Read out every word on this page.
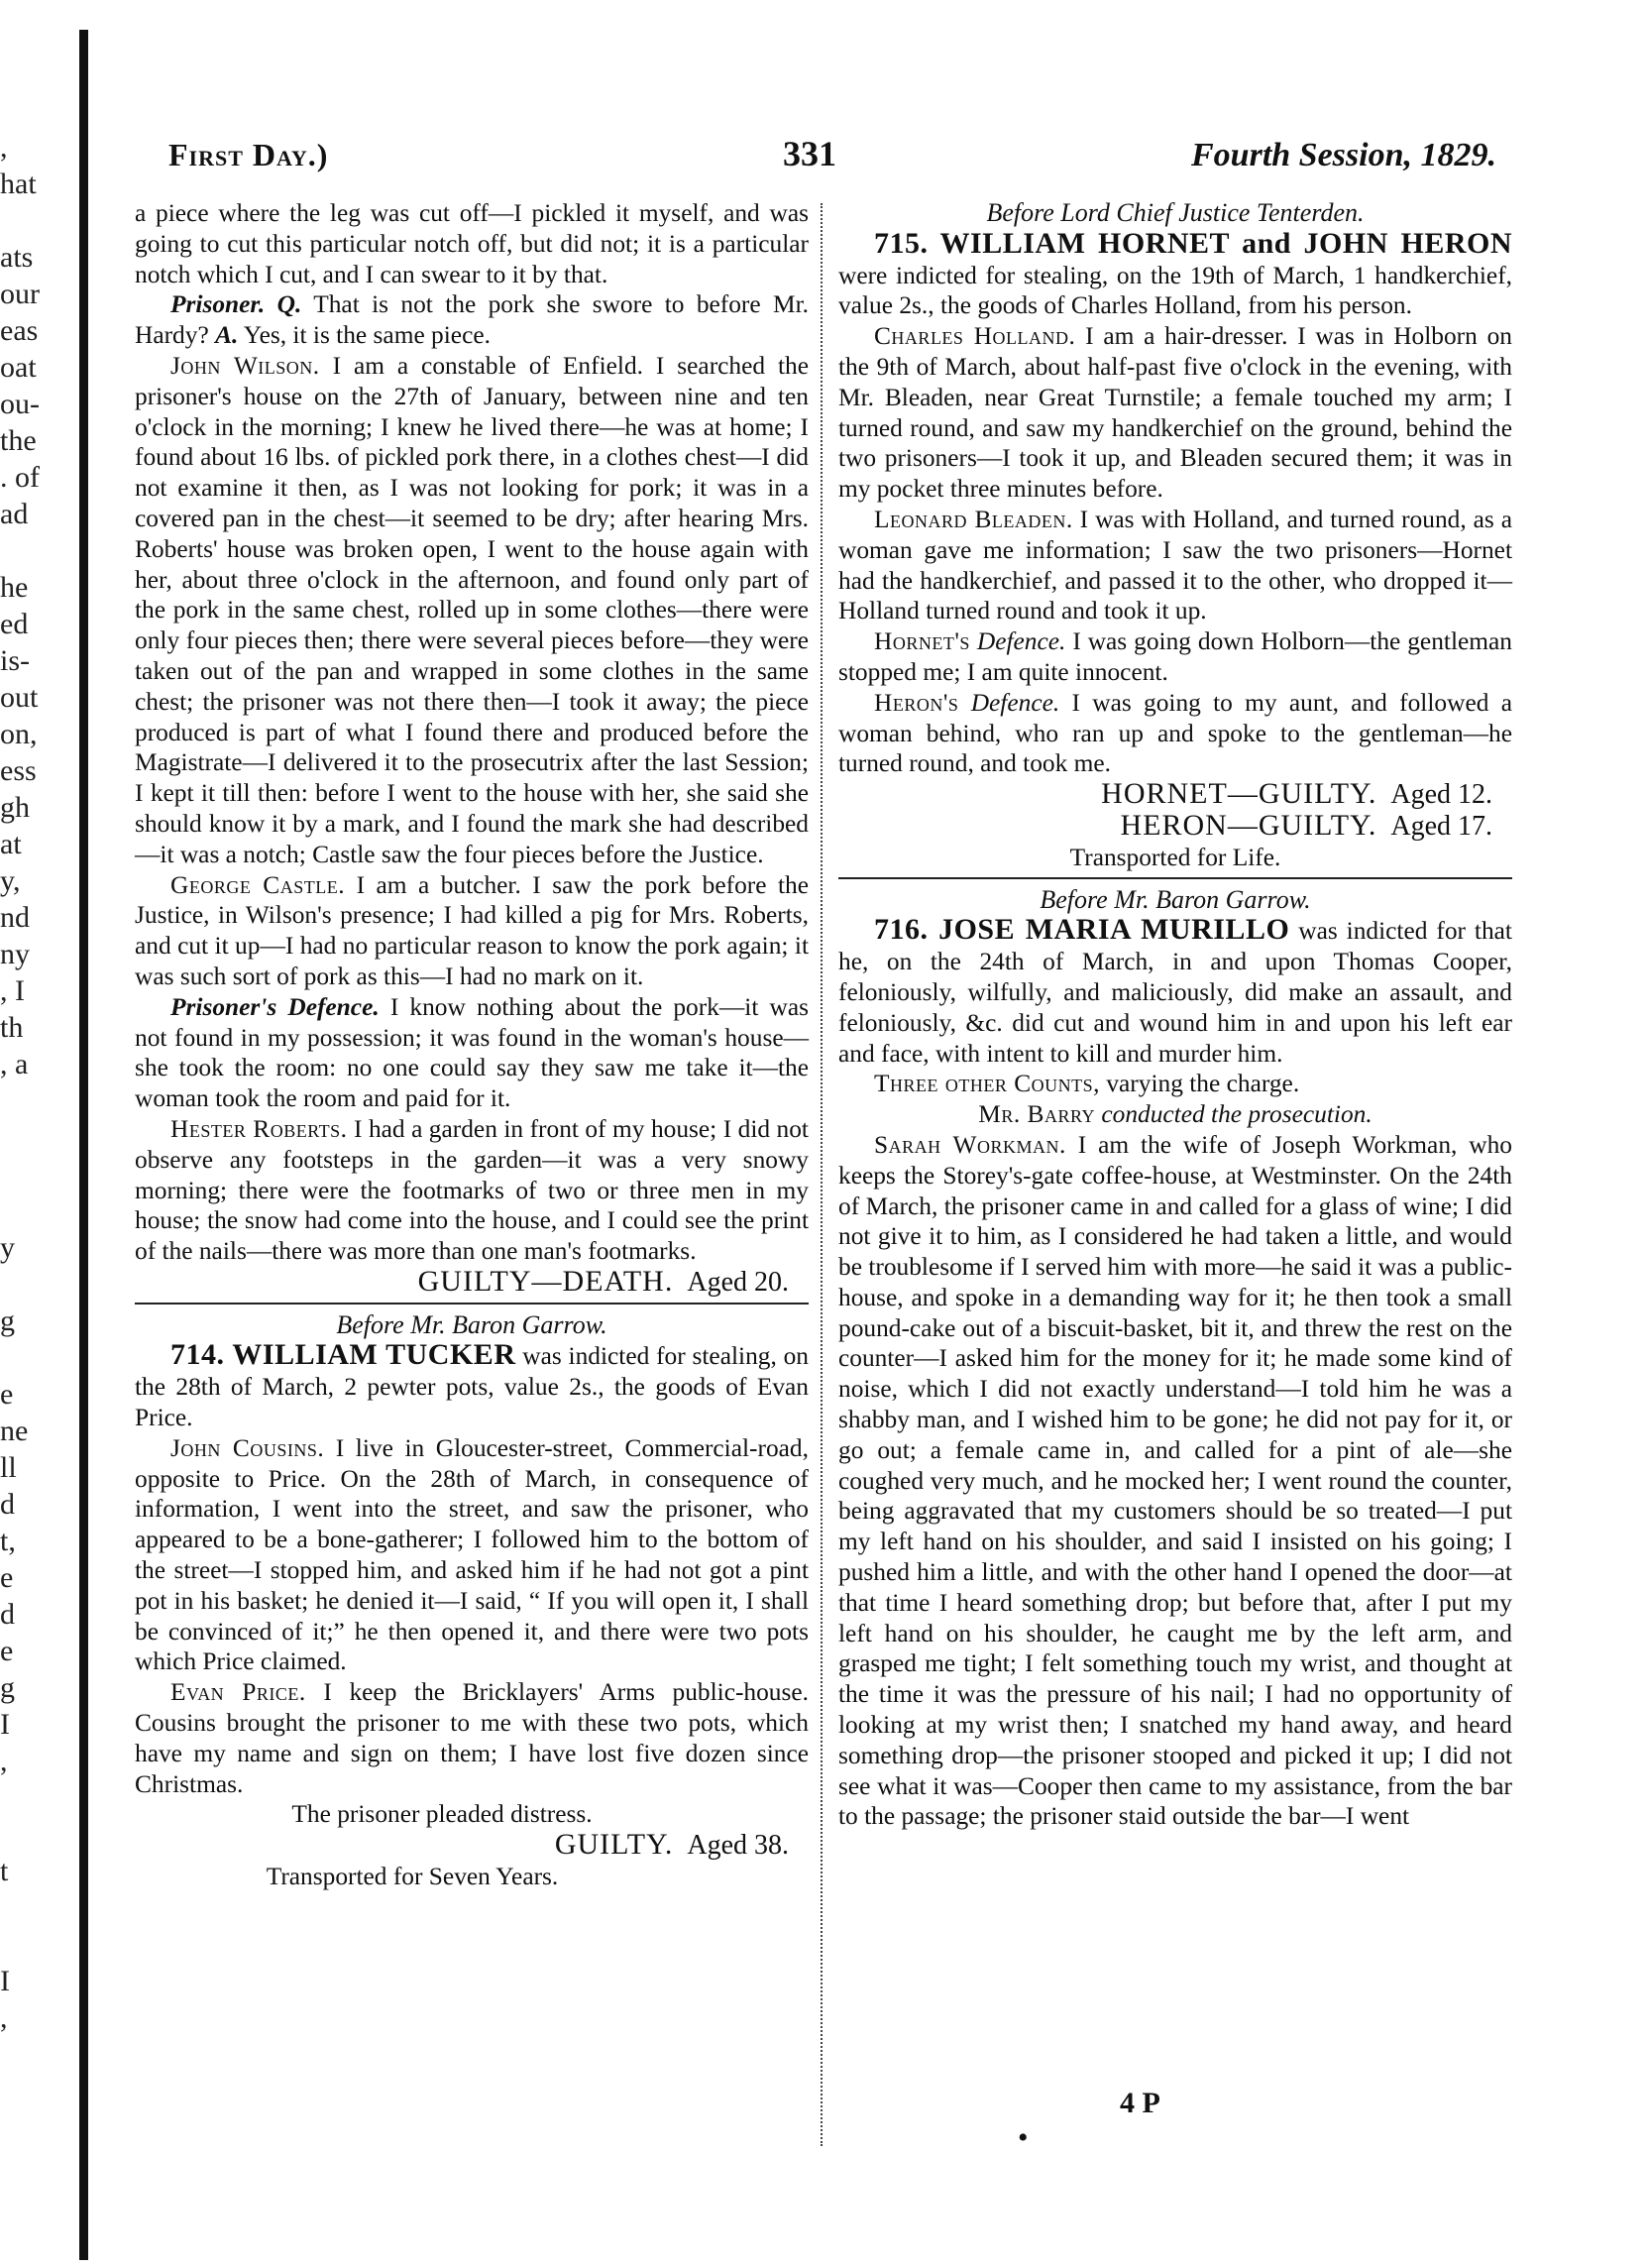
,
hat
ats
our
eas
oat
ou-
the
. of
ad
he
ed
is-
out
on,
ess
gh
at
y,
nd
ny
, I
th
, a
y
g
e
ne
ll
d
t,
e
d
e
g
I
,
t
I
,
First Day.)	331	Fourth Session, 1829.

a piece where the leg was cut off—I pickled it myself, and was going to cut this particular notch off, but did not; it is a particular notch which I cut, and I can swear to it by that.

Prisoner. Q. That is not the pork she swore to before Mr. Hardy? A. Yes, it is the same piece.

John Wilson. I am a constable of Enfield. I searched the prisoner's house on the 27th of January, between nine and ten o'clock in the morning; I knew he lived there—he was at home; I found about 16 lbs. of pickled pork there, in a clothes chest—I did not examine it then, as I was not looking for pork; it was in a covered pan in the chest—it seemed to be dry; after hearing Mrs. Roberts' house was broken open, I went to the house again with her, about three o'clock in the afternoon, and found only part of the pork in the same chest, rolled up in some clothes—there were only four pieces then; there were several pieces before—they were taken out of the pan and wrapped in some clothes in the same chest; the prisoner was not there then—I took it away; the piece produced is part of what I found there and produced before the Magistrate—I delivered it to the prosecutrix after the last Session; I kept it till then: before I went to the house with her, she said she should know it by a mark, and I found the mark she had described—it was a notch; Castle saw the four pieces before the Justice.

George Castle. I am a butcher. I saw the pork before the Justice, in Wilson's presence; I had killed a pig for Mrs. Roberts, and cut it up—I had no particular reason to know the pork again; it was such sort of pork as this—I had no mark on it.

Prisoner's Defence. I know nothing about the pork—it was not found in my possession; it was found in the woman's house—she took the room: no one could say they saw me take it—the woman took the room and paid for it.

Hester Roberts. I had a garden in front of my house; I did not observe any footsteps in the garden—it was a very snowy morning; there were the footmarks of two or three men in my house; the snow had come into the house, and I could see the print of the nails—there was more than one man's footmarks.

GUILTY—DEATH. Aged 20.

Before Mr. Baron Garrow.

714. WILLIAM TUCKER was indicted for stealing, on the 28th of March, 2 pewter pots, value 2s., the goods of Evan Price.

John Cousins. I live in Gloucester-street, Commercial-road, opposite to Price. On the 28th of March, in consequence of information, I went into the street, and saw the prisoner, who appeared to be a bone-gatherer; I followed him to the bottom of the street—I stopped him, and asked him if he had not got a pint pot in his basket; he denied it—I said, “ If you will open it, I shall be convinced of it;” he then opened it, and there were two pots which Price claimed.

Evan Price. I keep the Bricklayers' Arms public-house. Cousins brought the prisoner to me with these two pots, which have my name and sign on them; I have lost five dozen since Christmas.

The prisoner pleaded distress.

GUILTY. Aged 38.

Transported for Seven Years.

Before Lord Chief Justice Tenterden.

715. WILLIAM HORNET and JOHN HERON were indicted for stealing, on the 19th of March, 1 handkerchief, value 2s., the goods of Charles Holland, from his person.

Charles Holland. I am a hair-dresser. I was in Holborn on the 9th of March, about half-past five o'clock in the evening, with Mr. Bleaden, near Great Turnstile; a female touched my arm; I turned round, and saw my handkerchief on the ground, behind the two prisoners—I took it up, and Bleaden secured them; it was in my pocket three minutes before.

Leonard Bleaden. I was with Holland, and turned round, as a woman gave me information; I saw the two prisoners—Hornet had the handkerchief, and passed it to the other, who dropped it—Holland turned round and took it up.

Hornet's Defence. I was going down Holborn—the gentleman stopped me; I am quite innocent.

Heron's Defence. I was going to my aunt, and followed a woman behind, who ran up and spoke to the gentleman—he turned round, and took me.

HORNET—GUILTY. Aged 12.

HERON—GUILTY. Aged 17.

Transported for Life.

Before Mr. Baron Garrow.

716. JOSE MARIA MURILLO was indicted for that he, on the 24th of March, in and upon Thomas Cooper, feloniously, wilfully, and maliciously, did make an assault, and feloniously, &c. did cut and wound him in and upon his left ear and face, with intent to kill and murder him.

Three other Counts, varying the charge.

Mr. Barry conducted the prosecution.

Sarah Workman. I am the wife of Joseph Workman, who keeps the Storey's-gate coffee-house, at Westminster. On the 24th of March, the prisoner came in and called for a glass of wine; I did not give it to him, as I considered he had taken a little, and would be troublesome if I served him with more—he said it was a public-house, and spoke in a demanding way for it; he then took a small pound-cake out of a biscuit-basket, bit it, and threw the rest on the counter—I asked him for the money for it; he made some kind of noise, which I did not exactly understand—I told him he was a shabby man, and I wished him to be gone; he did not pay for it, or go out; a female came in, and called for a pint of ale—she coughed very much, and he mocked her; I went round the counter, being aggravated that my customers should be so treated—I put my left hand on his shoulder, and said I insisted on his going; I pushed him a little, and with the other hand I opened the door—at that time I heard something drop; but before that, after I put my left hand on his shoulder, he caught me by the left arm, and grasped me tight; I felt something touch my wrist, and thought at the time it was the pressure of his nail; I had no opportunity of looking at my wrist then; I snatched my hand away, and heard something drop—the prisoner stooped and picked it up; I did not see what it was—Cooper then came to my assistance, from the bar to the passage; the prisoner staid outside the bar—I went

4 P
•
